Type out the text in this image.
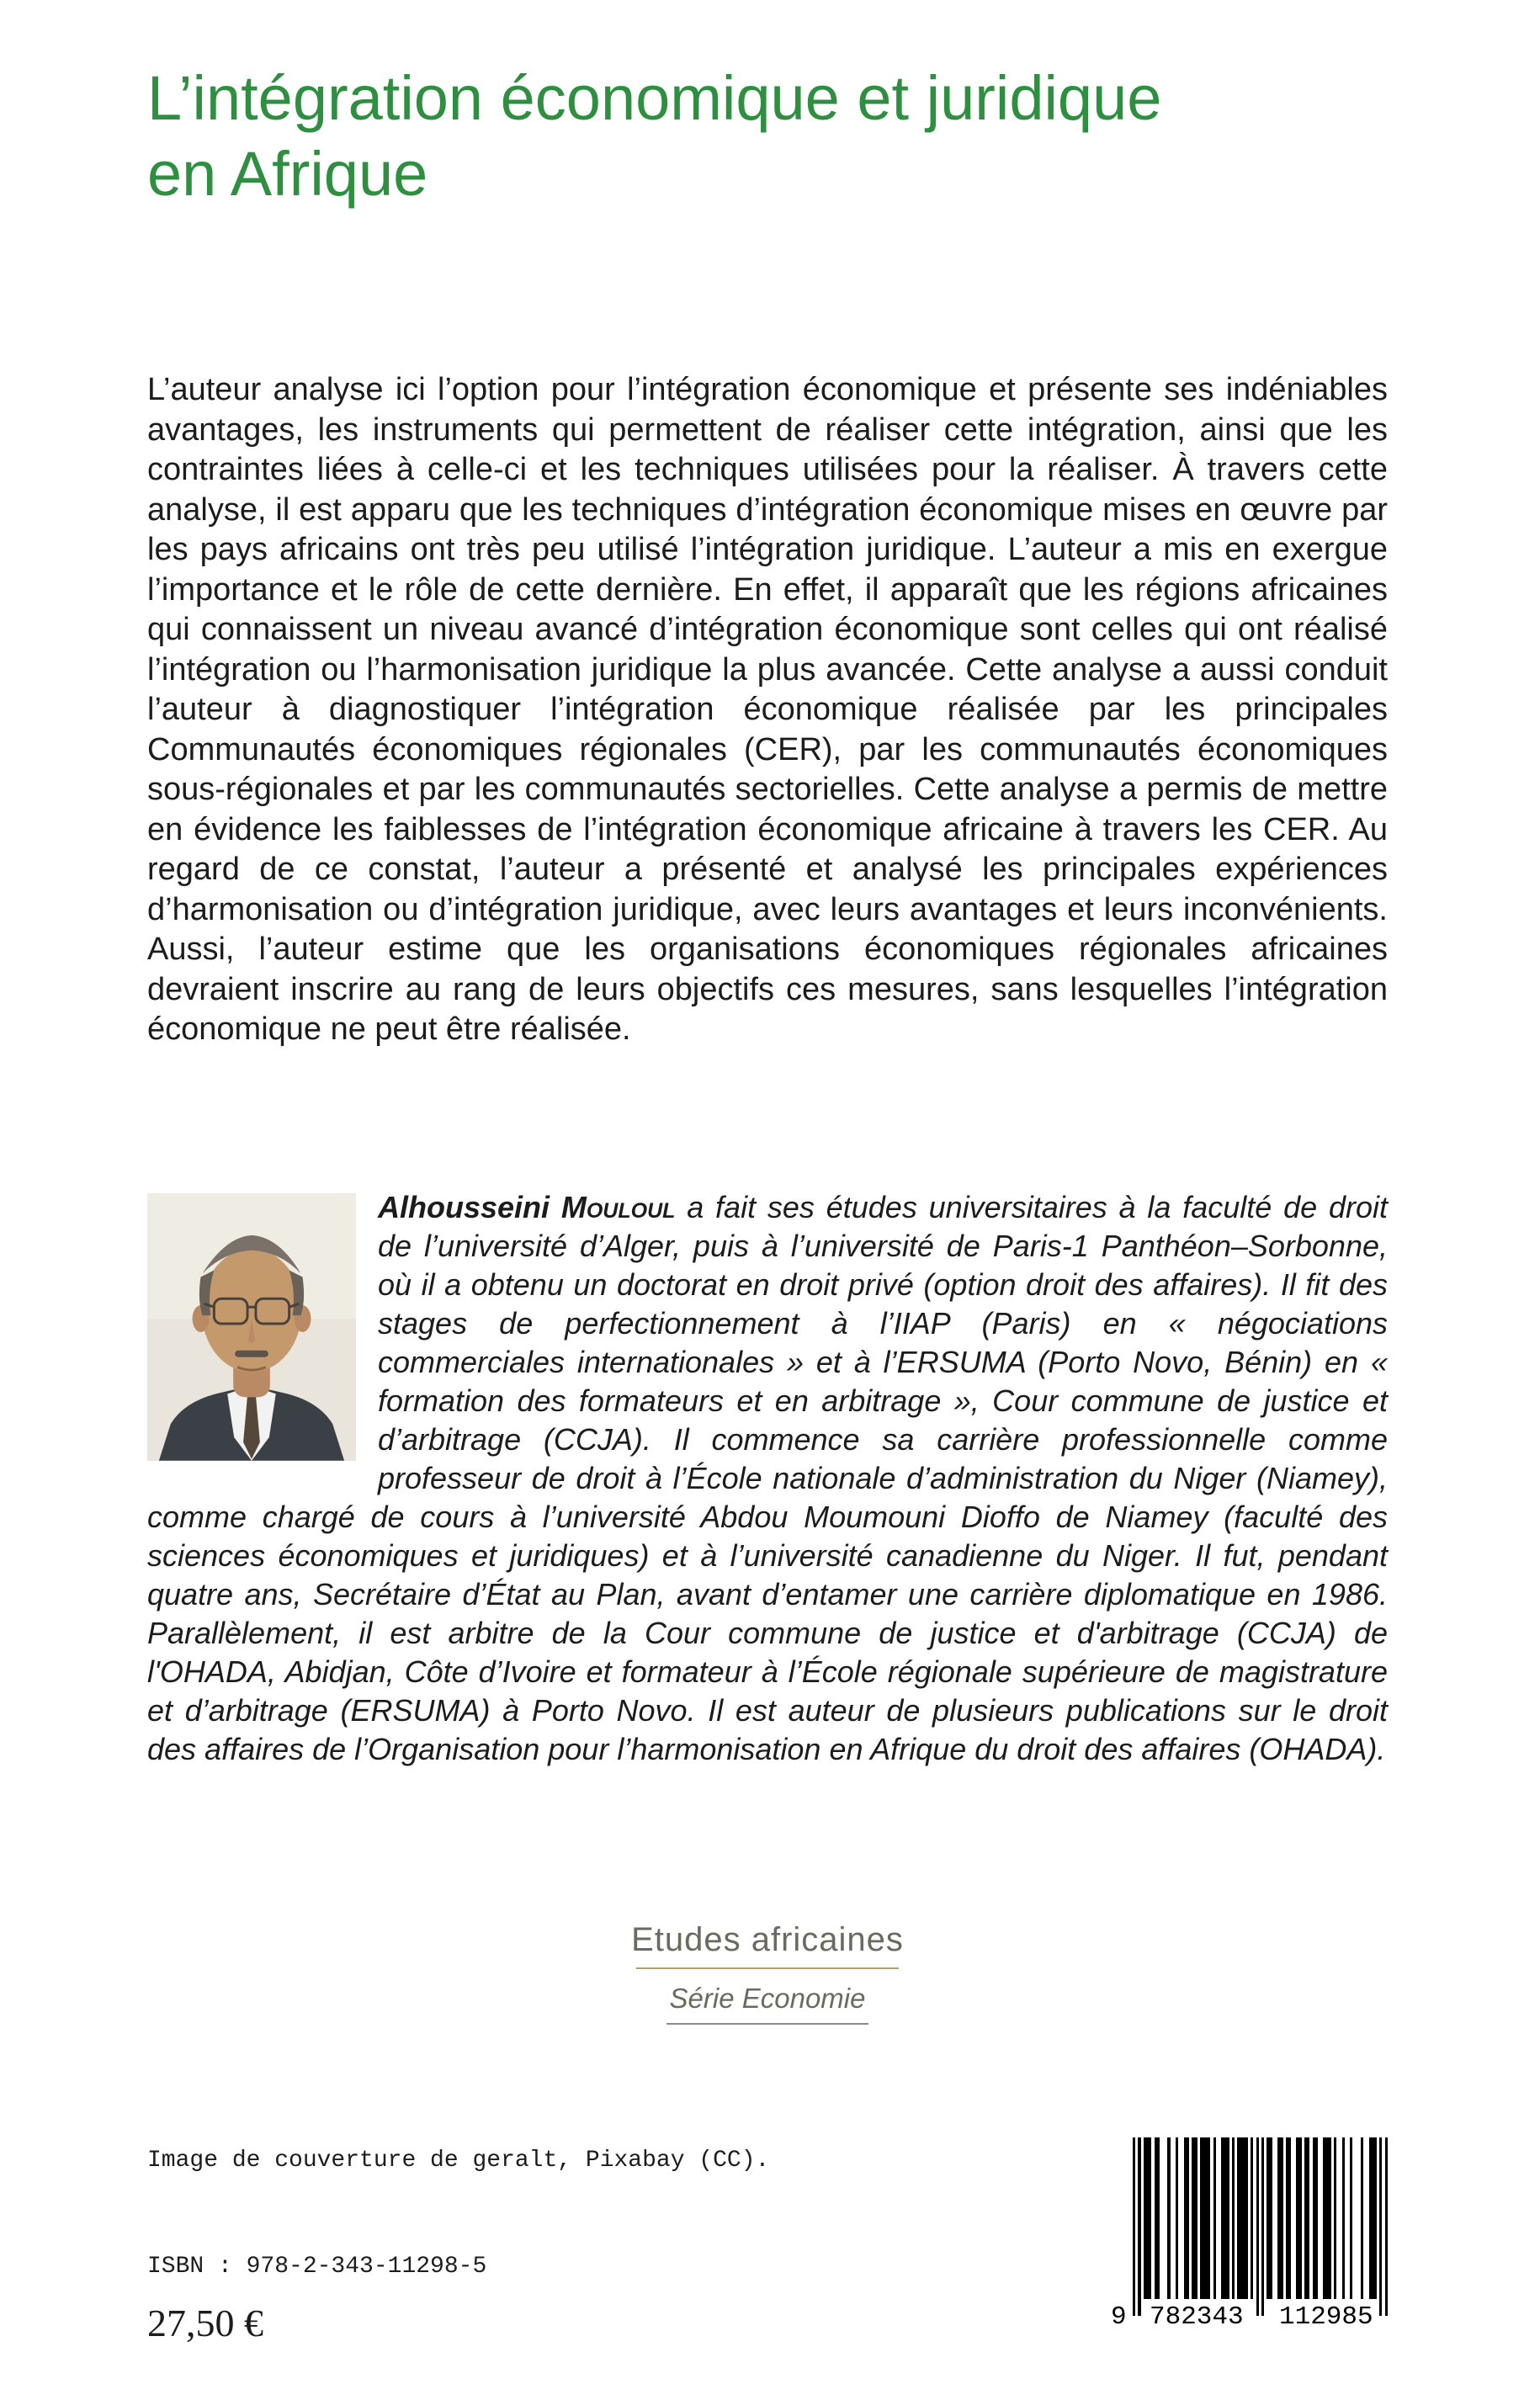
L’intégration économique et juridique
en Afrique

L’auteur analyse ici l’option pour l’intégration économique et présente ses indéniables avantages, les instruments qui permettent de réaliser cette intégration, ainsi que les contraintes liées à celle-ci et les techniques utilisées pour la réaliser. À travers cette analyse, il est apparu que les techniques d’intégration économique mises en œuvre par les pays africains ont très peu utilisé l’intégration juridique. L’auteur a mis en exergue l’importance et le rôle de cette dernière. En effet, il apparaît que les régions africaines qui connaissent un niveau avancé d’intégration économique sont celles qui ont réalisé l’intégration ou l’harmonisation juridique la plus avancée. Cette analyse a aussi conduit l’auteur à diagnostiquer l’intégration économique réalisée par les principales Communautés économiques régionales (CER), par les communautés économiques sous-régionales et par les communautés sectorielles. Cette analyse a permis de mettre en évidence les faiblesses de l’intégration économique africaine à travers les CER. Au regard de ce constat, l’auteur a présenté et analysé les principales expériences d’harmonisation ou d’intégration juridique, avec leurs avantages et leurs inconvénients. Aussi, l’auteur estime que les organisations économiques régionales africaines devraient inscrire au rang de leurs objectifs ces mesures, sans lesquelles l’intégration économique ne peut être réalisée.

Alhousseini Mouloul a fait ses études universitaires à la faculté de droit de l’université d’Alger, puis à l’université de Paris-1 Panthéon–Sorbonne, où il a obtenu un doctorat en droit privé (option droit des affaires). Il fit des stages de perfectionnement à l’IIAP (Paris) en « négociations commerciales internationales » et à l’ERSUMA (Porto Novo, Bénin) en « formation des formateurs et en arbitrage », Cour commune de justice et d’arbitrage (CCJA). Il commence sa carrière professionnelle comme professeur de droit à l’École nationale d’administration du Niger (Niamey), comme chargé de cours à l’université Abdou Moumouni Dioffo de Niamey (faculté des sciences économiques et juridiques) et à l’université canadienne du Niger. Il fut, pendant quatre ans, Secrétaire d’État au Plan, avant d’entamer une carrière diplomatique en 1986. Parallèlement, il est arbitre de la Cour commune de justice et d'arbitrage (CCJA) de l'OHADA, Abidjan, Côte d’Ivoire et formateur à l’École régionale supérieure de magistrature et d’arbitrage (ERSUMA) à Porto Novo. Il est auteur de plusieurs publications sur le droit des affaires de l’Organisation pour l’harmonisation en Afrique du droit des affaires (OHADA).
Etudes africaines
Série Economie
Image de couverture de geralt, Pixabay (CC).
ISBN : 978-2-343-11298-5
27,50 €	9 782343 112985
